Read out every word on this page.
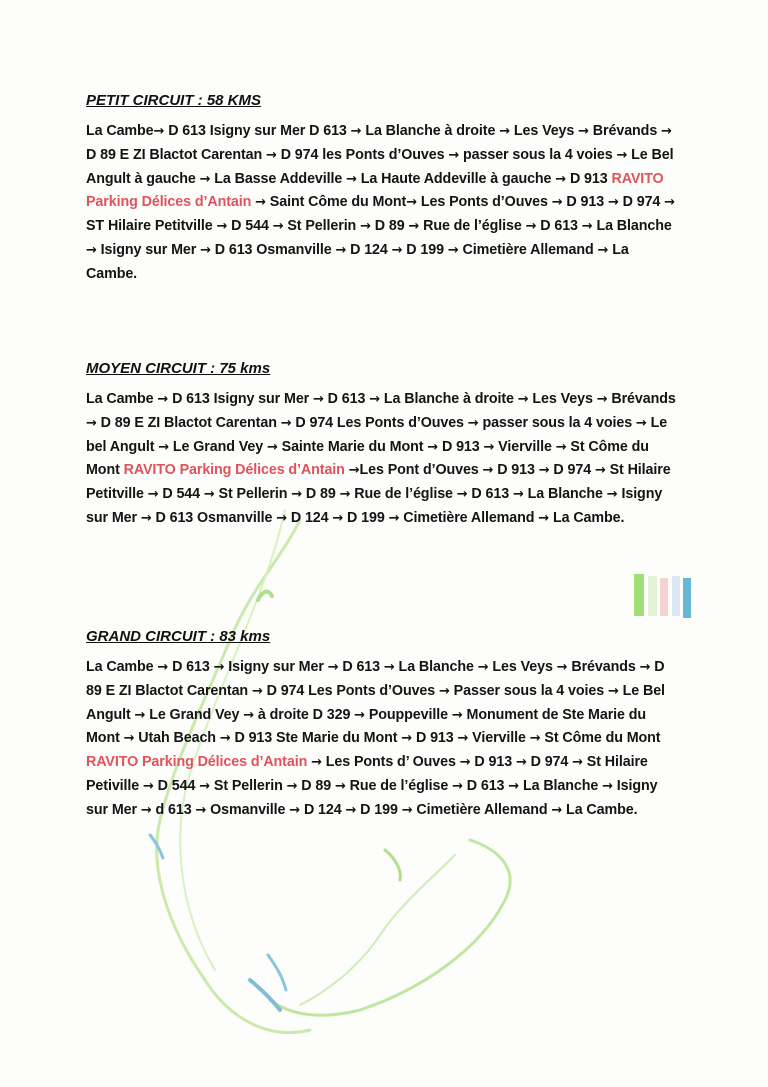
PETIT CIRCUIT : 58 KMS

La Cambe→ D 613 Isigny sur Mer D 613 → La Blanche à droite → Les Veys → Brévands → D 89 E ZI Blactot Carentan → D 974 les Ponts d’Ouves → passer sous la 4 voies → Le Bel Angult à gauche → La Basse Addeville → La Haute Addeville à gauche → D 913 RAVITO Parking Délices d’Antain → Saint Côme du Mont→ Les Ponts d’Ouves → D 913 → D 974 → ST Hilaire Petitville → D 544 → St Pellerin → D 89 → Rue de l’église → D 613 → La Blanche → Isigny sur Mer → D 613 Osmanville → D 124 → D 199 → Cimetière Allemand → La Cambe.

MOYEN CIRCUIT : 75 kms

La Cambe → D 613 Isigny sur Mer → D 613 → La Blanche à droite → Les Veys → Brévands → D 89 E ZI Blactot Carentan → D 974 Les Ponts d’Ouves → passer sous la 4 voies → Le bel Angult → Le Grand Vey → Sainte Marie du Mont → D 913 → Vierville → St Côme du Mont RAVITO Parking Délices d’Antain →Les Pont d’Ouves → D 913 → D 974 → St Hilaire Petitville → D 544 → St Pellerin → D 89 → Rue de l’église → D 613 → La Blanche → Isigny sur Mer → D 613 Osmanville → D 124 → D 199 → Cimetière Allemand → La Cambe.

GRAND CIRCUIT : 83 kms

La Cambe → D 613 → Isigny sur Mer → D 613 → La Blanche → Les Veys → Brévands → D 89 E ZI Blactot Carentan → D 974 Les Ponts d’Ouves → Passer sous la 4 voies → Le Bel Angult → Le Grand Vey → à droite D 329 → Pouppeville → Monument de Ste Marie du Mont → Utah Beach → D 913 Ste Marie du Mont → D 913 → Vierville → St Côme du Mont RAVITO Parking Délices d’Antain → Les Ponts d’ Ouves → D 913 → D 974 → St Hilaire Petiville → D 544 → St Pellerin → D 89 → Rue de l’église → D 613 → La Blanche → Isigny sur Mer → d 613 → Osmanville → D 124 → D 199 → Cimetière Allemand → La Cambe.
